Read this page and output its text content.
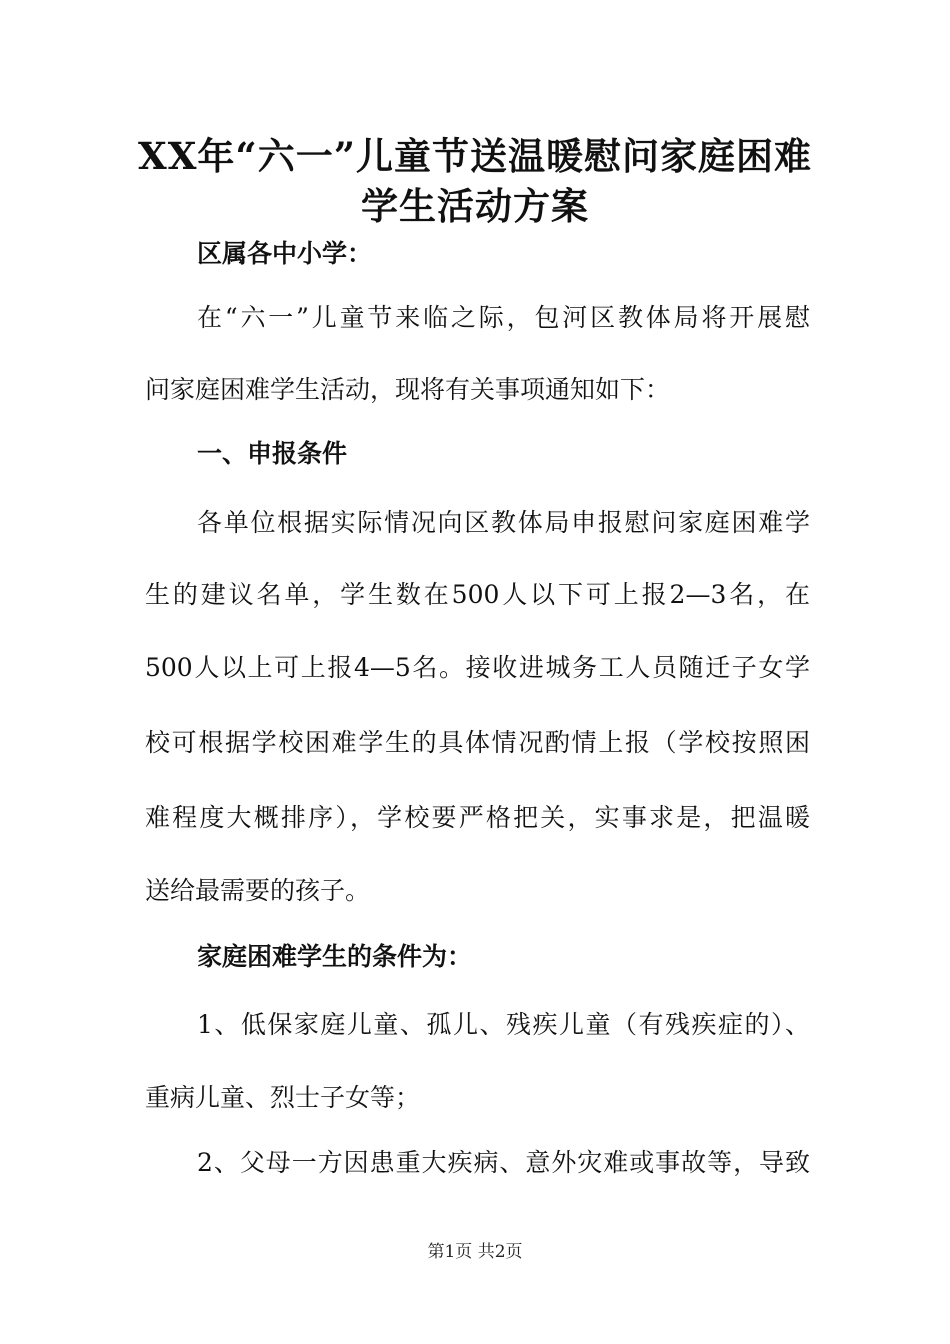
XX年“六一”儿童节送温暖慰问家庭困难
学生活动方案
区属各中小学：
在“六一”儿童节来临之际，包河区教体局将开展慰
问家庭困难学生活动，现将有关事项通知如下：
一、申报条件
各单位根据实际情况向区教体局申报慰问家庭困难学
生的建议名单，学生数在500人以下可上报2—3名，在
500人以上可上报4—5名。接收进城务工人员随迁子女学
校可根据学校困难学生的具体情况酌情上报（学校按照困
难程度大概排序），学校要严格把关，实事求是，把温暖
送给最需要的孩子。
家庭困难学生的条件为：
1、低保家庭儿童、孤儿、残疾儿童（有残疾症的）、
重病儿童、烈士子女等；
2、父母一方因患重大疾病、意外灾难或事故等，导致
第1页 共2页
